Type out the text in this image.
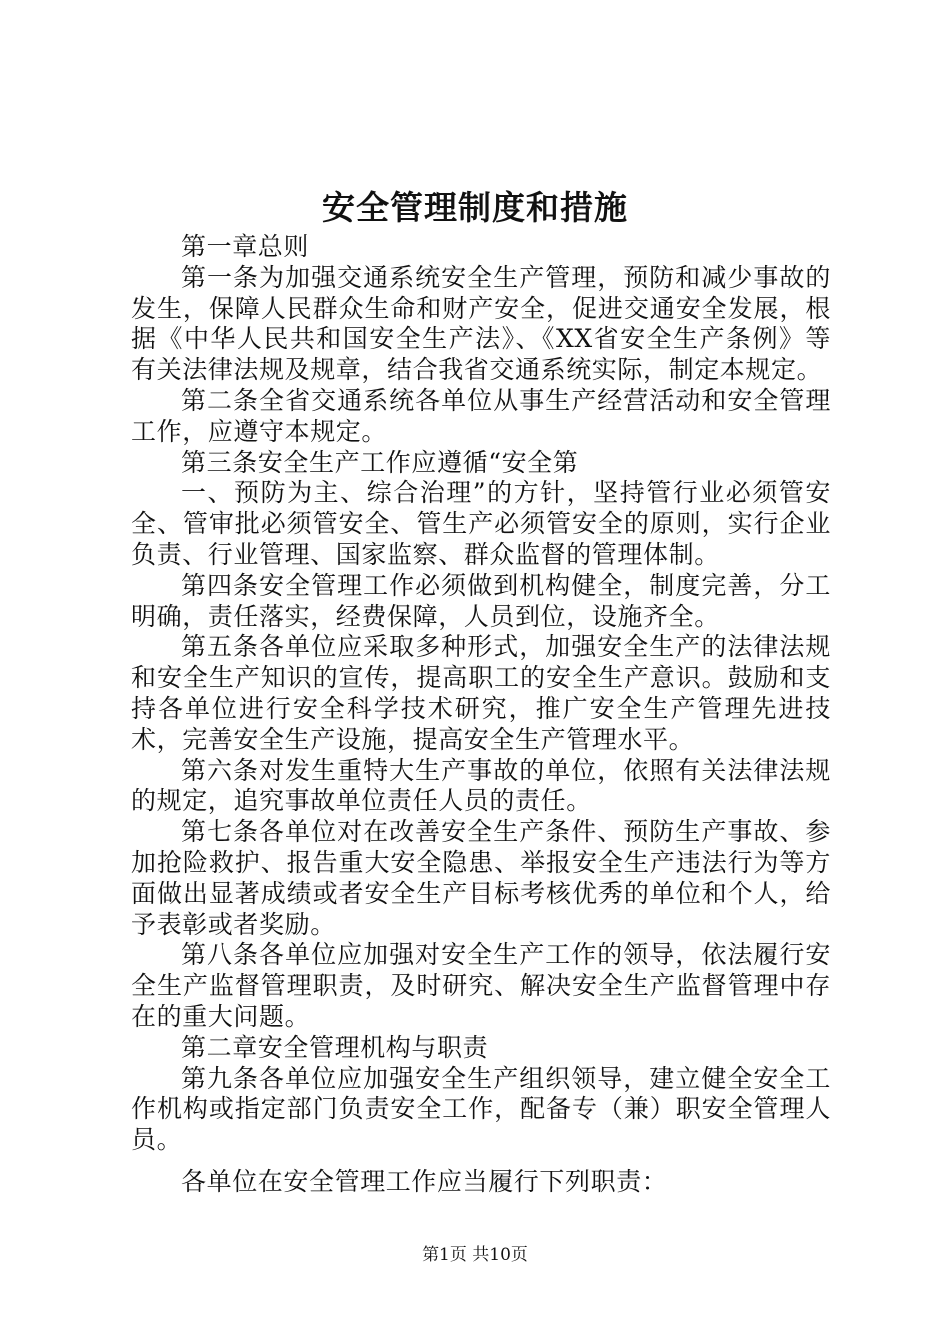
安全管理制度和措施

第一章总则

第一条为加强交通系统安全生产管理，预防和减少事故的发生，保障人民群众生命和财产安全，促进交通安全发展，根据《中华人民共和国安全生产法》、《XX省安全生产条例》等有关法律法规及规章，结合我省交通系统实际，制定本规定。

第二条全省交通系统各单位从事生产经营活动和安全管理工作，应遵守本规定。

第三条安全生产工作应遵循“安全第

一、预防为主、综合治理”的方针，坚持管行业必须管安全、管审批必须管安全、管生产必须管安全的原则，实行企业负责、行业管理、国家监察、群众监督的管理体制。

第四条安全管理工作必须做到机构健全，制度完善，分工明确，责任落实，经费保障，人员到位，设施齐全。

第五条各单位应采取多种形式，加强安全生产的法律法规和安全生产知识的宣传，提高职工的安全生产意识。鼓励和支持各单位进行安全科学技术研究，推广安全生产管理先进技术，完善安全生产设施，提高安全生产管理水平。

第六条对发生重特大生产事故的单位，依照有关法律法规的规定，追究事故单位责任人员的责任。

第七条各单位对在改善安全生产条件、预防生产事故、参加抢险救护、报告重大安全隐患、举报安全生产违法行为等方面做出显著成绩或者安全生产目标考核优秀的单位和个人，给予表彰或者奖励。

第八条各单位应加强对安全生产工作的领导，依法履行安全生产监督管理职责，及时研究、解决安全生产监督管理中存在的重大问题。

第二章安全管理机构与职责

第九条各单位应加强安全生产组织领导，建立健全安全工作机构或指定部门负责安全工作，配备专（兼）职安全管理人员。

各单位在安全管理工作应当履行下列职责：

第1页 共10页
